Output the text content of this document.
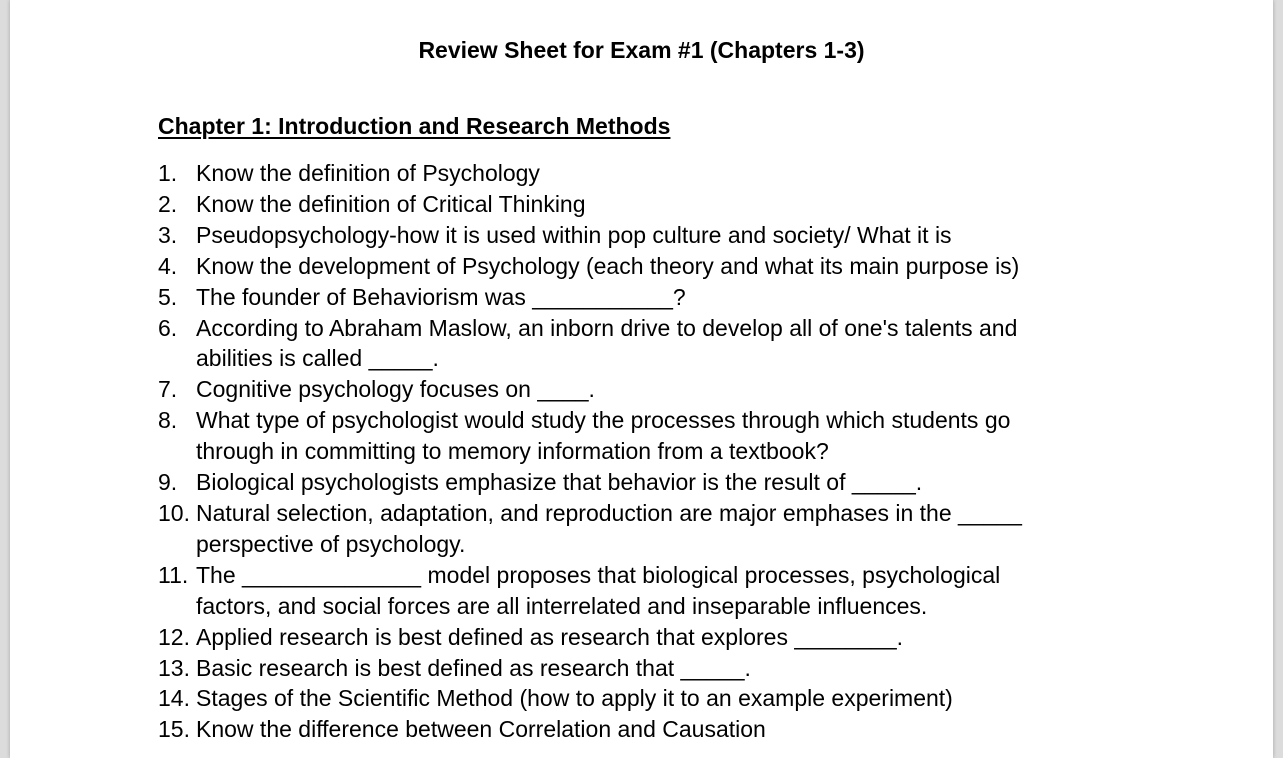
Review Sheet for Exam #1 (Chapters 1-3)
Chapter 1: Introduction and Research Methods
1. Know the definition of Psychology
2. Know the definition of Critical Thinking
3. Pseudopsychology-how it is used within pop culture and society/ What it is
4. Know the development of Psychology (each theory and what its main purpose is)
5. The founder of Behaviorism was ___________?
6. According to Abraham Maslow, an inborn drive to develop all of one's talents and
abilities is called _____.
7. Cognitive psychology focuses on ____.
8. What type of psychologist would study the processes through which students go
through in committing to memory information from a textbook?
9. Biological psychologists emphasize that behavior is the result of _____.
10. Natural selection, adaptation, and reproduction are major emphases in the _____
perspective of psychology.
11. The ______________ model proposes that biological processes, psychological
factors, and social forces are all interrelated and inseparable influences.
12. Applied research is best defined as research that explores ________.
13. Basic research is best defined as research that _____.
14. Stages of the Scientific Method (how to apply it to an example experiment)
15. Know the difference between Correlation and Causation
